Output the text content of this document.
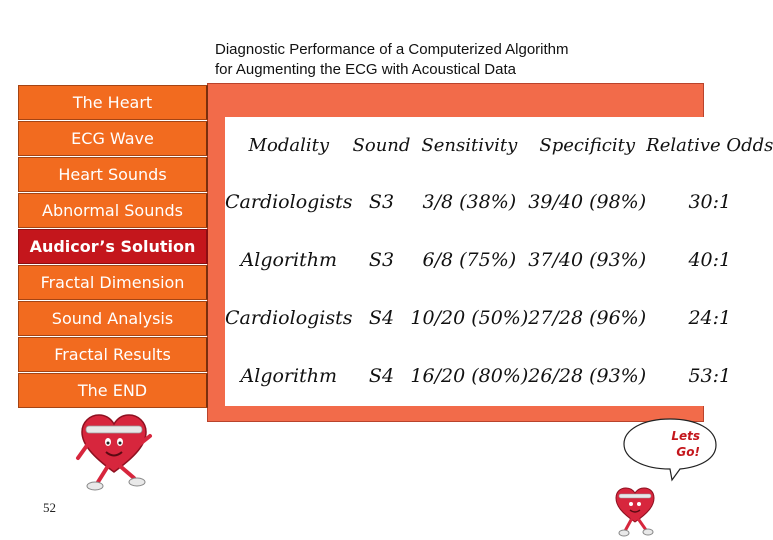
Diagnostic Performance of a Computerized Algorithm
for Augmenting the ECG with Acoustical Data
The Heart
ECG Wave
Heart Sounds
Abnormal Sounds
Audicor’s Solution
Fractal Dimension
Sound Analysis
Fractal Results
The END
Modality	Sound	Sensitivity	Specificity	Relative Odds
Cardiologists	S3	3/8 (38%)	39/40 (98%)	30:1
Algorithm	S3	6/8 (75%)	37/40 (93%)	40:1
Cardiologists	S4	10/20 (50%)	27/28 (96%)	24:1
Algorithm	S4	16/20 (80%)	26/28 (93%)	53:1
52
Lets
Go!
